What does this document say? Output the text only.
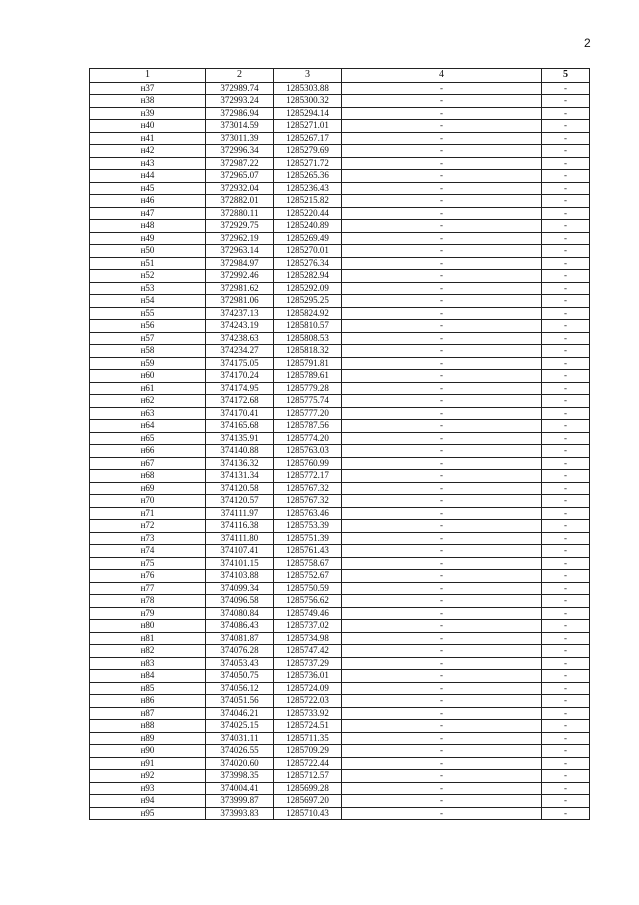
2
1	2	3	4	5
н37	372989.74	1285303.88	-	-
н38	372993.24	1285300.32	-	-
н39	372986.94	1285294.14	-	-
н40	373014.59	1285271.01	-	-
н41	373011.39	1285267.17	-	-
н42	372996.34	1285279.69	-	-
н43	372987.22	1285271.72	-	-
н44	372965.07	1285265.36	-	-
н45	372932.04	1285236.43	-	-
н46	372882.01	1285215.82	-	-
н47	372880.11	1285220.44	-	-
н48	372929.75	1285240.89	-	-
н49	372962.19	1285269.49	-	-
н50	372963.14	1285270.01	-	-
н51	372984.97	1285276.34	-	-
н52	372992.46	1285282.94	-	-
н53	372981.62	1285292.09	-	-
н54	372981.06	1285295.25	-	-
н55	374237.13	1285824.92	-	-
н56	374243.19	1285810.57	-	-
н57	374238.63	1285808.53	-	-
н58	374234.27	1285818.32	-	-
н59	374175.05	1285791.81	-	-
н60	374170.24	1285789.61	-	-
н61	374174.95	1285779.28	-	-
н62	374172.68	1285775.74	-	-
н63	374170.41	1285777.20	-	-
н64	374165.68	1285787.56	-	-
н65	374135.91	1285774.20	-	-
н66	374140.88	1285763.03	-	-
н67	374136.32	1285760.99	-	-
н68	374131.34	1285772.17	-	-
н69	374120.58	1285767.32	-	-
н70	374120.57	1285767.32	-	-
н71	374111.97	1285763.46	-	-
н72	374116.38	1285753.39	-	-
н73	374111.80	1285751.39	-	-
н74	374107.41	1285761.43	-	-
н75	374101.15	1285758.67	-	-
н76	374103.88	1285752.67	-	-
н77	374099.34	1285750.59	-	-
н78	374096.58	1285756.62	-	-
н79	374080.84	1285749.46	-	-
н80	374086.43	1285737.02	-	-
н81	374081.87	1285734.98	-	-
н82	374076.28	1285747.42	-	-
н83	374053.43	1285737.29	-	-
н84	374050.75	1285736.01	-	-
н85	374056.12	1285724.09	-	-
н86	374051.56	1285722.03	-	-
н87	374046.21	1285733.92	-	-
н88	374025.15	1285724.51	-	-
н89	374031.11	1285711.35	-	-
н90	374026.55	1285709.29	-	-
н91	374020.60	1285722.44	-	-
н92	373998.35	1285712.57	-	-
н93	374004.41	1285699.28	-	-
н94	373999.87	1285697.20	-	-
н95	373993.83	1285710.43	-	-
